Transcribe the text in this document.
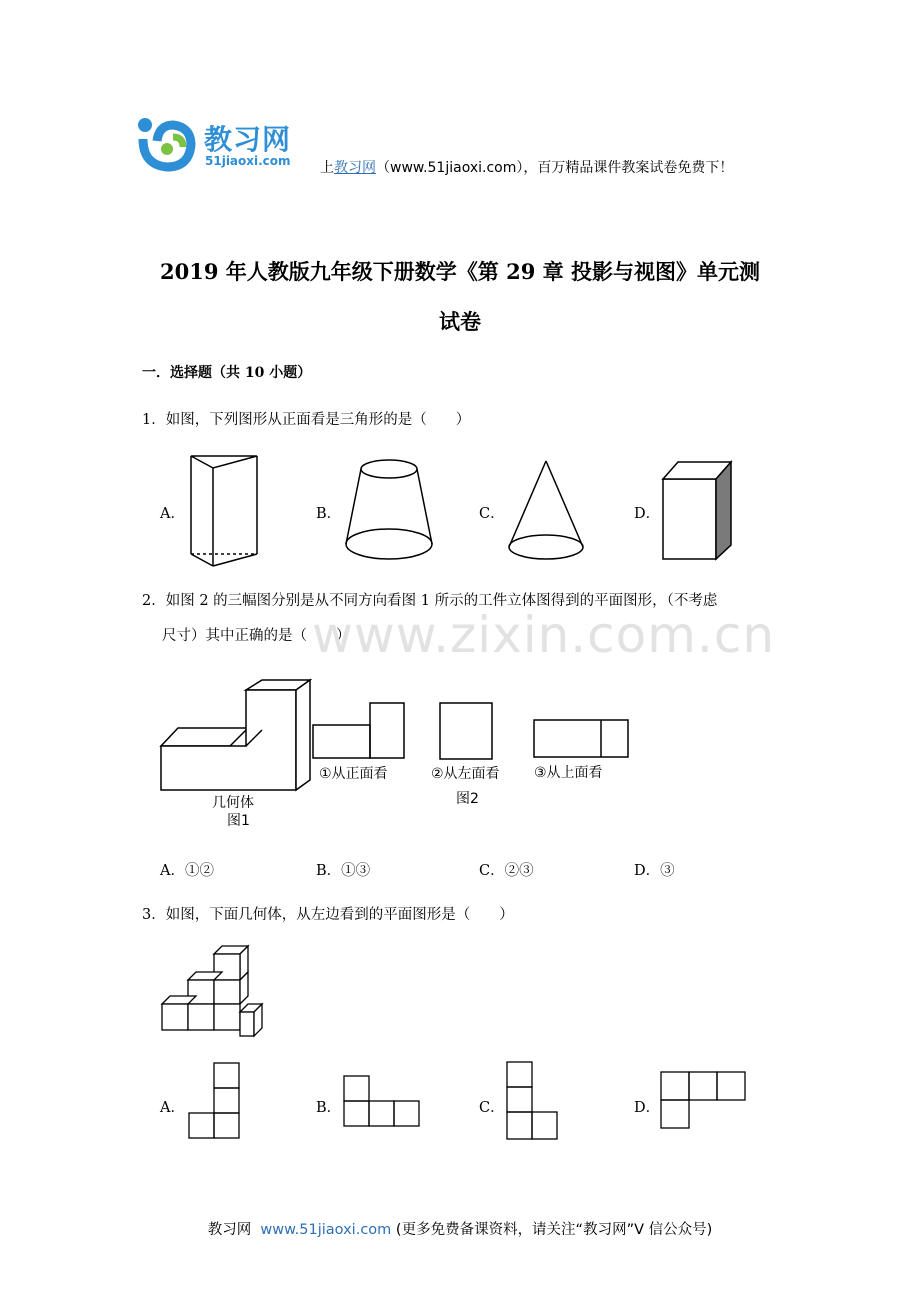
教习网
51jiaoxi.com 上教习网（www.51jiaoxi.com），百万精品课件教案试卷免费下！
2019 年人教版九年级下册数学《第 29 章 投影与视图》单元测
试卷
一．选择题（共 10 小题）
1．如图，下列图形从正面看是三角形的是（　　）
A．	B．	C．	D．
2．如图 2 的三幅图分别是从不同方向看图 1 所示的工件立体图得到的平面图形，（不考虑
尺寸）其中正确的是（　　）
www.zixin.com.cn
几何体
图1
①从正面看	②从左面看
图2
③从上面看
A．①②	B．①③	C．②③	D．③
3．如图，下面几何体，从左边看到的平面图形是（　　）
A．	B．	C．	D．
教习网 www.51jiaoxi.com (更多免费备课资料，请关注“教习网”V 信公众号)
